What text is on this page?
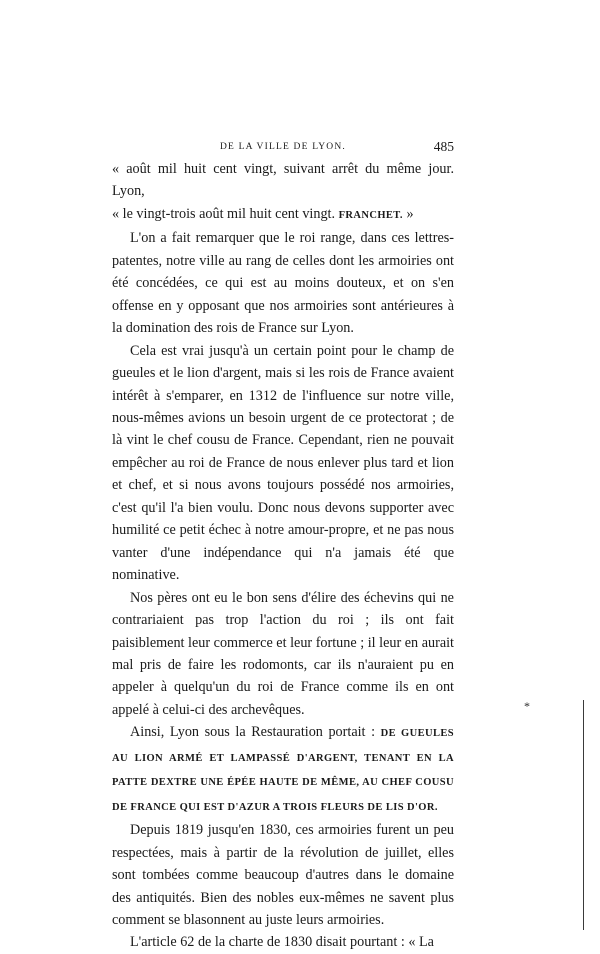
DE LA VILLE DE LYON.	485

« août mil huit cent vingt, suivant arrêt du même jour. Lyon,
« le vingt-trois août mil huit cent vingt. FRANCHET. »

L'on a fait remarquer que le roi range, dans ces lettres-patentes, notre ville au rang de celles dont les armoiries ont été concédées, ce qui est au moins douteux, et on s'en offense en y opposant que nos armoiries sont antérieures à la domination des rois de France sur Lyon.

Cela est vrai jusqu'à un certain point pour le champ de gueules et le lion d'argent, mais si les rois de France avaient intérêt à s'emparer, en 1312 de l'influence sur notre ville, nous-mêmes avions un besoin urgent de ce protectorat ; de là vint le chef cousu de France. Cependant, rien ne pouvait empêcher au roi de France de nous enlever plus tard et lion et chef, et si nous avons toujours possédé nos armoiries, c'est qu'il l'a bien voulu. Donc nous devons supporter avec humilité ce petit échec à notre amour-propre, et ne pas nous vanter d'une indépendance qui n'a jamais été que nominative.

Nos pères ont eu le bon sens d'élire des échevins qui ne contrariaient pas trop l'action du roi ; ils ont fait paisiblement leur commerce et leur fortune ; il leur en aurait mal pris de faire les rodomonts, car ils n'auraient pu en appeler à quelqu'un du roi de France comme ils en ont appelé à celui-ci des archevêques.

Ainsi, Lyon sous la Restauration portait : DE GUEULES AU LION ARMÉ ET LAMPASSÉ D'ARGENT, TENANT EN LA PATTE DEXTRE UNE ÉPÉE HAUTE DE MÊME, AU CHEF COUSU DE FRANCE QUI EST D'AZUR A TROIS FLEURS DE LIS D'OR.

Depuis 1819 jusqu'en 1830, ces armoiries furent un peu respectées, mais à partir de la révolution de juillet, elles sont tombées comme beaucoup d'autres dans le domaine des antiquités. Bien des nobles eux-mêmes ne savent plus comment se blasonnent au juste leurs armoiries.

L'article 62 de la charte de 1830 disait pourtant : « La

*
